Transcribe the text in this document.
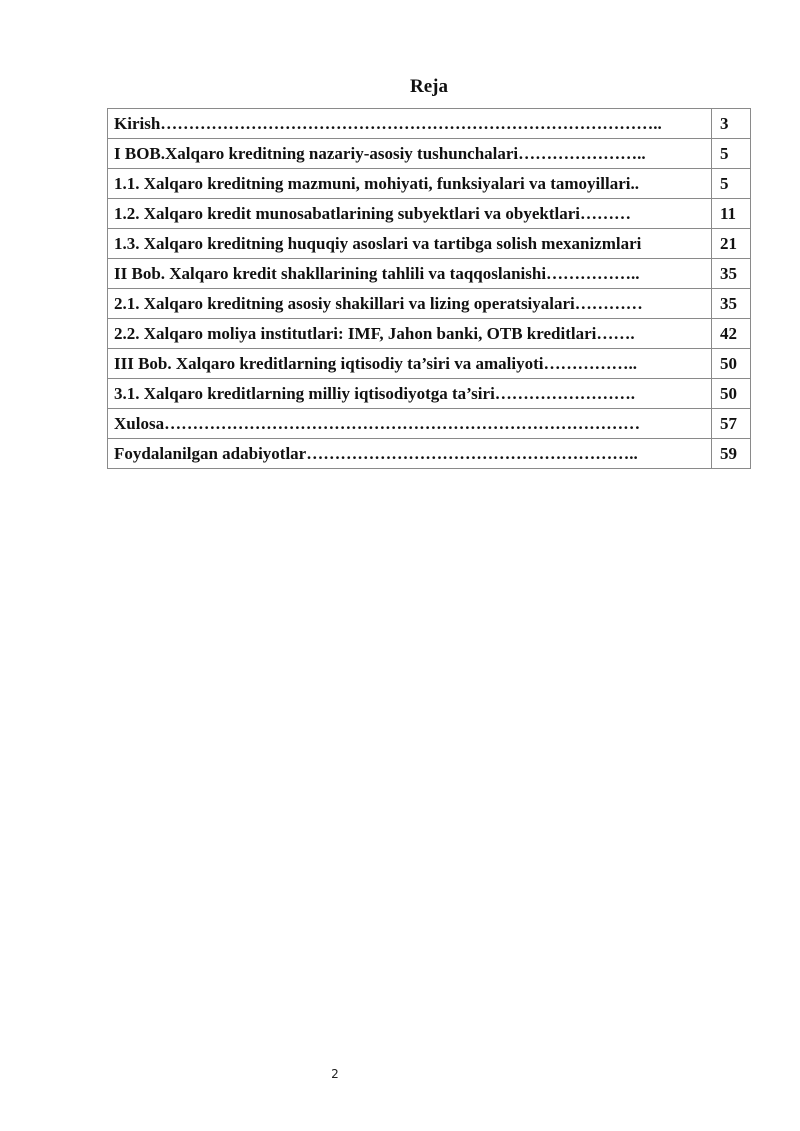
Reja
Kirish……………………………………………………………………………..	3
I BOB.Xalqaro kreditning nazariy-asosiy tushunchalari…………………..	5
1.1. Xalqaro kreditning mazmuni, mohiyati, funksiyalari va tamoyillari..	5
1.2. Xalqaro kredit munosabatlarining subyektlari va obyektlari………	11
1.3. Xalqaro kreditning huquqiy asoslari va tartibga solish mexanizmlari	21
II Bob. Xalqaro kredit shakllarining tahlili va taqqoslanishi……………..	35
2.1. Xalqaro kreditning asosiy shakillari va lizing operatsiyalari…………	35
2.2. Xalqaro moliya institutlari: IMF, Jahon banki, OTB kreditlari…….	42
III Bob. Xalqaro kreditlarning iqtisodiy ta’siri va amaliyoti……………..	50
3.1. Xalqaro kreditlarning milliy iqtisodiyotga ta’siri…………………….	50
Xulosa…………………………………………………………………………	57
Foydalanilgan adabiyotlar…………………………………………………..	59
2
